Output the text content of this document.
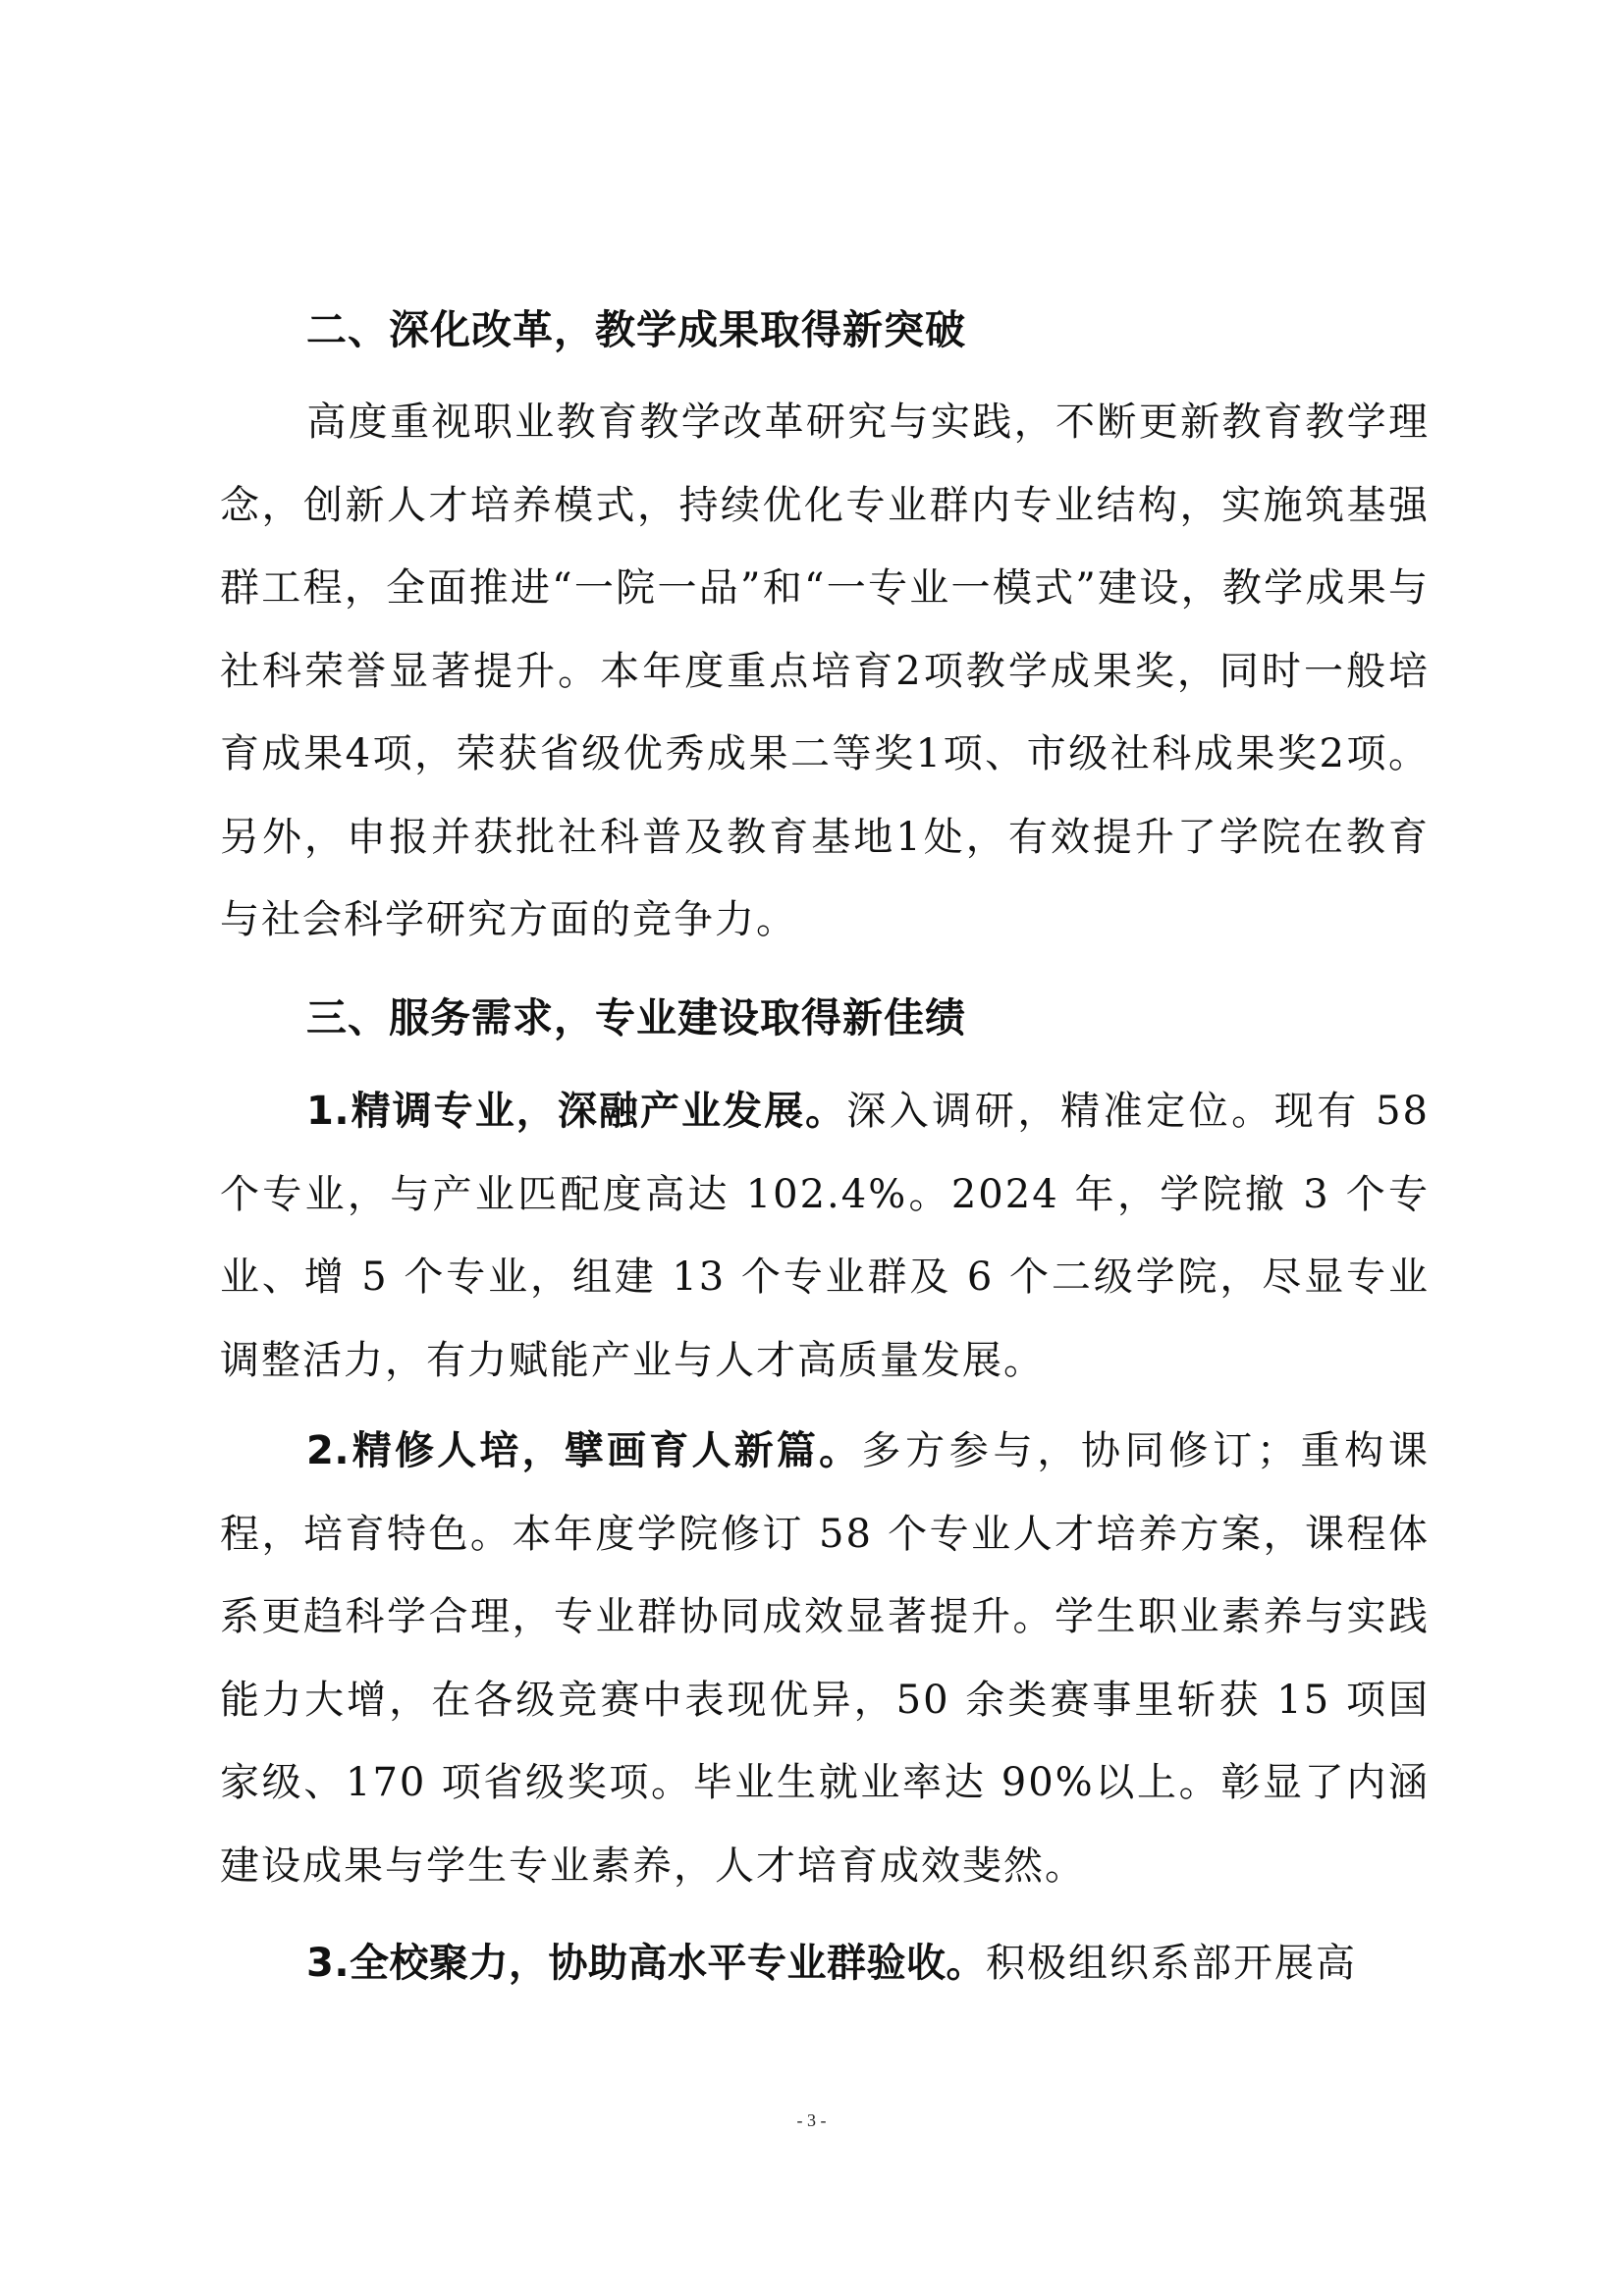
二、深化改革，教学成果取得新突破
高度重视职业教育教学改革研究与实践，不断更新教育教学理念，创新人才培养模式，持续优化专业群内专业结构，实施筑基强群工程，全面推进“一院一品”和“一专业一模式”建设，教学成果与社科荣誉显著提升。本年度重点培育2项教学成果奖，同时一般培育成果4项，荣获省级优秀成果二等奖1项、市级社科成果奖2项。另外，申报并获批社科普及教育基地1处，有效提升了学院在教育与社会科学研究方面的竞争力。
三、服务需求，专业建设取得新佳绩
1.精调专业，深融产业发展。深入调研，精准定位。现有 58 个专业，与产业匹配度高达 102.4%。2024 年，学院撤 3 个专业、增 5 个专业，组建 13 个专业群及 6 个二级学院，尽显专业调整活力，有力赋能产业与人才高质量发展。
2.精修人培，擘画育人新篇。多方参与，协同修订；重构课程，培育特色。本年度学院修订 58 个专业人才培养方案，课程体系更趋科学合理，专业群协同成效显著提升。学生职业素养与实践能力大增，在各级竞赛中表现优异，50 余类赛事里斩获 15 项国家级、170 项省级奖项。毕业生就业率达 90%以上。彰显了内涵建设成果与学生专业素养，人才培育成效斐然。
3.全校聚力，协助高水平专业群验收。积极组织系部开展高
- 3 -
